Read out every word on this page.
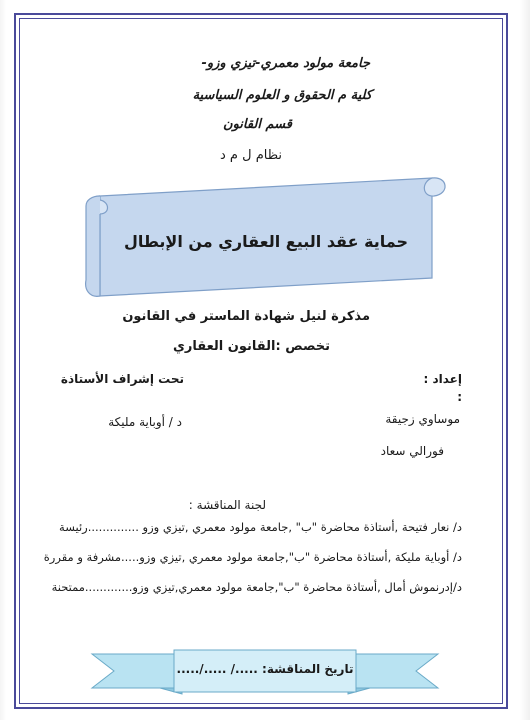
جامعة مولود معمري-تيزي وزو-
كلية م الحقوق و العلوم السياسية
قسم القانون
نظام ل م د
حماية عقد البيع العقاري من الإبطال
مذكرة لنيل شهادة الماستر في القانون
تخصص :القانون العقاري
إعداد :
:
تحت إشراف الأستاذة
موساوي زجيقة
فورالي سعاد
د / أوباية مليكة
لجنة المناقشة :
د/ نعار فتيحة ,أستاذة محاضرة "ب" ,جامعة مولود معمري ,تيزي وزو ..............رئيسة
د/ أوباية مليكة ,أستاذة محاضرة "ب",جامعة مولود معمري ,تيزي وزو.....مشرفة و مقررة
د/إدرنموش أمال ,أستاذة محاضرة "ب",جامعة مولود معمري,تيزي وزو.............ممتحنة
تاريخ المناقشة: ...../ ...../.....
